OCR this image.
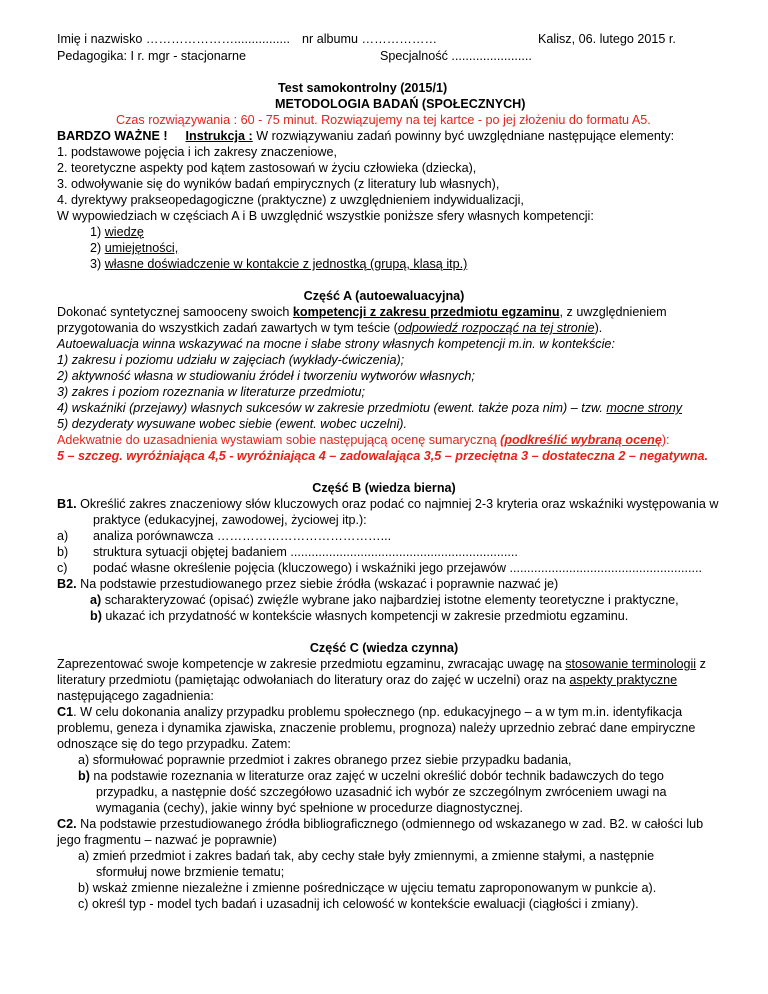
Imię i nazwisko …………………................ nr albumu ………………	Kalisz, 06. lutego 2015 r.
Pedagogika: I r. mgr - stacjonarne	Specjalność .......................
Test samokontrolny (2015/1)
METODOLOGIA BADAŃ (SPOŁECZNYCH)
Czas rozwiązywania : 60 - 75 minut. Rozwiązujemy na tej kartce - po jej złożeniu do formatu A5.
BARDZO WAŻNE ! Instrukcja : W rozwiązywaniu zadań powinny być uwzględniane następujące elementy:
1. podstawowe pojęcia i ich zakresy znaczeniowe,
2. teoretyczne aspekty pod kątem zastosowań w życiu człowieka (dziecka),
3. odwoływanie się do wyników badań empirycznych (z literatury lub własnych),
4. dyrektywy prakseopedagogiczne (praktyczne) z uwzględnieniem indywidualizacji,
W wypowiedziach w częściach A i B uwzględnić wszystkie poniższe sfery własnych kompetencji:
1) wiedzę
2) umiejętności,
3) własne doświadczenie w kontakcie z jednostką (grupą, klasą itp.)
Część A (autoewaluacyjna)
Dokonać syntetycznej samooceny swoich kompetencji z zakresu przedmiotu egzaminu, z uwzględnieniem
przygotowania do wszystkich zadań zawartych w tym teście (odpowiedź rozpocząć na tej stronie).
Autoewaluacja winna wskazywać na mocne i słabe strony własnych kompetencji m.in. w kontekście:
1) zakresu i poziomu udziału w zajęciach (wykłady-ćwiczenia);
2) aktywność własna w studiowaniu źródeł i tworzeniu wytworów własnych;
3) zakres i poziom rozeznania w literaturze przedmiotu;
4) wskaźniki (przejawy) własnych sukcesów w zakresie przedmiotu (ewent. także poza nim) – tzw. mocne strony
5) dezyderaty wysuwane wobec siebie (ewent. wobec uczelni).
Adekwatnie do uzasadnienia wystawiam sobie następującą ocenę sumaryczną (podkreślić wybraną ocenę):
5 – szczeg. wyróżniająca 4,5 - wyróżniająca 4 – zadowalająca 3,5 – przeciętna 3 – dostateczna 2 – negatywna.
Część B (wiedza bierna)
B1. Określić zakres znaczeniowy słów kluczowych oraz podać co najmniej 2-3 kryteria oraz wskaźniki występowania w
praktyce (edukacyjnej, zawodowej, życiowej itp.):
a) analiza porównawcza …………………………………...
b) struktura sytuacji objętej badaniem .................................................................
c) podać własne określenie pojęcia (kluczowego) i wskaźniki jego przejawów .......................................................
B2. Na podstawie przestudiowanego przez siebie źródła (wskazać i poprawnie nazwać je)
a) scharakteryzować (opisać) zwięźle wybrane jako najbardziej istotne elementy teoretyczne i praktyczne,
b) ukazać ich przydatność w kontekście własnych kompetencji w zakresie przedmiotu egzaminu.
Część C (wiedza czynna)
Zaprezentować swoje kompetencje w zakresie przedmiotu egzaminu, zwracając uwagę na stosowanie terminologii z
literatury przedmiotu (pamiętając odwołaniach do literatury oraz do zajęć w uczelni) oraz na aspekty praktyczne
następującego zagadnienia:
C1. W celu dokonania analizy przypadku problemu społecznego (np. edukacyjnego – a w tym m.in. identyfikacja
problemu, geneza i dynamika zjawiska, znaczenie problemu, prognoza) należy uprzednio zebrać dane empiryczne
odnoszące się do tego przypadku. Zatem:
a) sformułować poprawnie przedmiot i zakres obranego przez siebie przypadku badania,
b) na podstawie rozeznania w literaturze oraz zajęć w uczelni określić dobór technik badawczych do tego
przypadku, a następnie dość szczegółowo uzasadnić ich wybór ze szczególnym zwróceniem uwagi na
wymagania (cechy), jakie winny być spełnione w procedurze diagnostycznej.
C2. Na podstawie przestudiowanego źródła bibliograficznego (odmiennego od wskazanego w zad. B2. w całości lub
jego fragmentu – nazwać je poprawnie)
a) zmień przedmiot i zakres badań tak, aby cechy stałe były zmiennymi, a zmienne stałymi, a następnie
sformułuj nowe brzmienie tematu;
b) wskaż zmienne niezależne i zmienne pośredniczące w ujęciu tematu zaproponowanym w punkcie a).
c) określ typ - model tych badań i uzasadnij ich celowość w kontekście ewaluacji (ciągłości i zmiany).
